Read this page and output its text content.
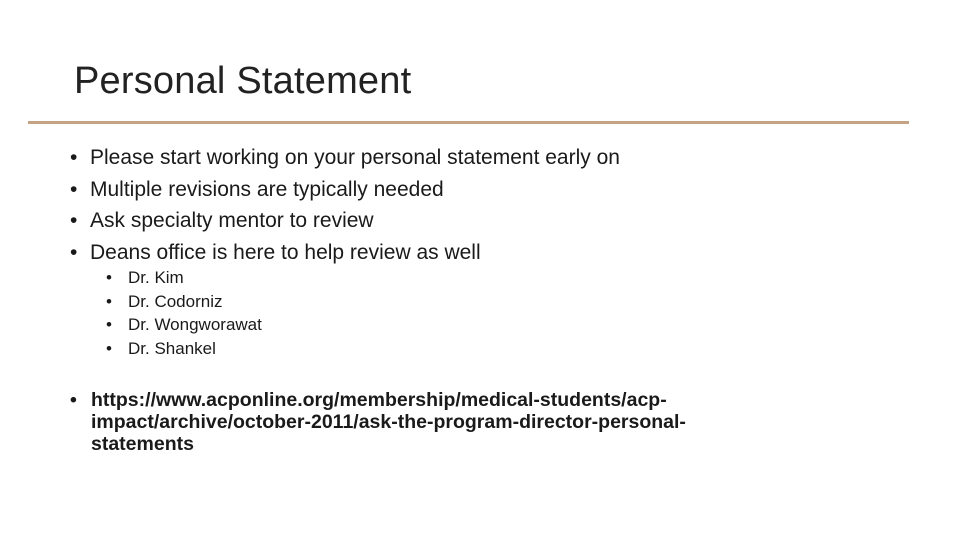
Personal Statement
• Please start working on your personal statement early on
• Multiple revisions are typically needed
• Ask specialty mentor to review
• Deans office is here to help review as well
• Dr. Kim
• Dr. Codorniz
• Dr. Wongworawat
• Dr. Shankel
• https://www.acponline.org/membership/medical-students/acp-
impact/archive/october-2011/ask-the-program-director-personal-
statements
